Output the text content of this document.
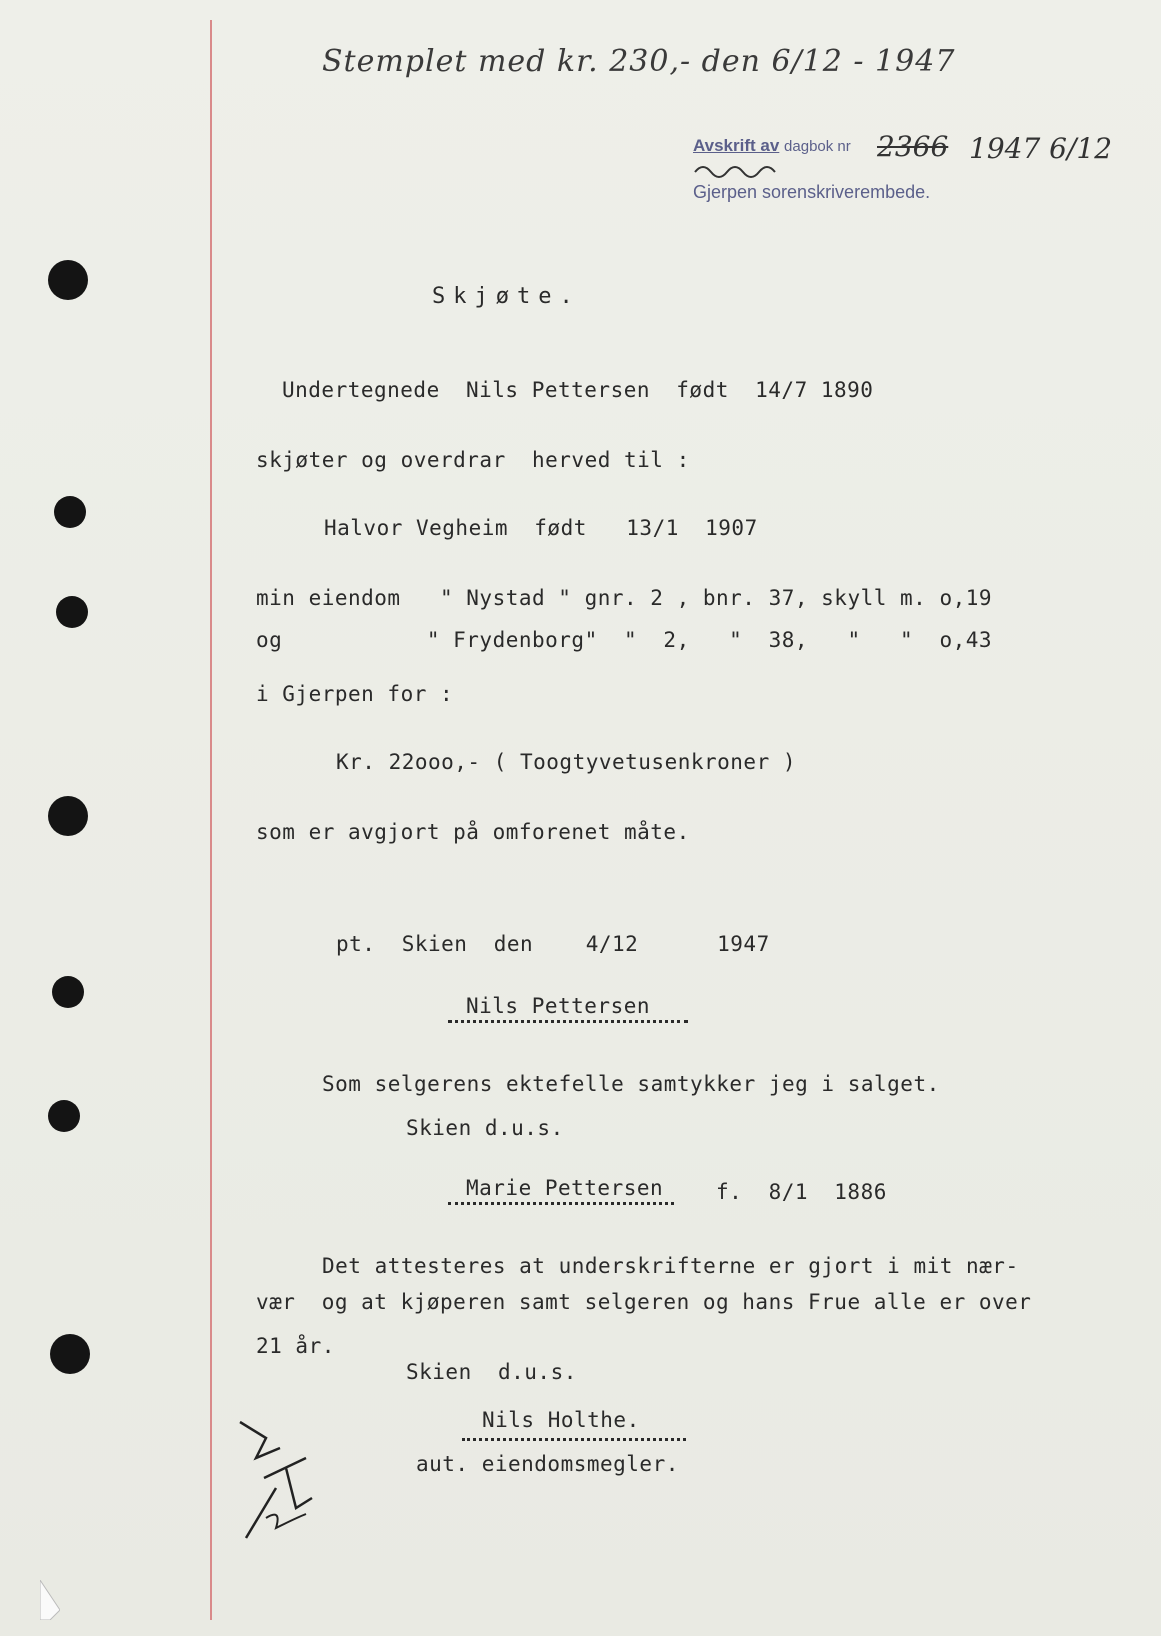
Stemplet med kr. 230,- den 6/12 - 1947
Avskrift av dagbok nr 2366 1947 6/12
Gjerpen sorenskriverembede.
Skjøte.
Undertegnede  Nils Pettersen  født  14/7 1890
skjøter og overdrar  herved til :
Halvor Vegheim  født   13/1  1907
min eiendom   " Nystad " gnr. 2 , bnr. 37, skyll m. o,19
og           " Frydenborg"  "  2,   "  38,   "   "  o,43
i Gjerpen for :
Kr. 22ooo,- ( Toogtyvetusenkroner )
som er avgjort på omforenet måte.
pt.  Skien  den    4/12      1947
Nils Pettersen
Som selgerens ektefelle samtykker jeg i salget.
Skien d.u.s.
Marie Pettersen	f.  8/1  1886
Det attesteres at underskrifterne er gjort i mit nær-
vær  og at kjøperen samt selgeren og hans Frue alle er over
21 år.
Skien  d.u.s.
Nils Holthe.
aut. eiendomsmegler.
